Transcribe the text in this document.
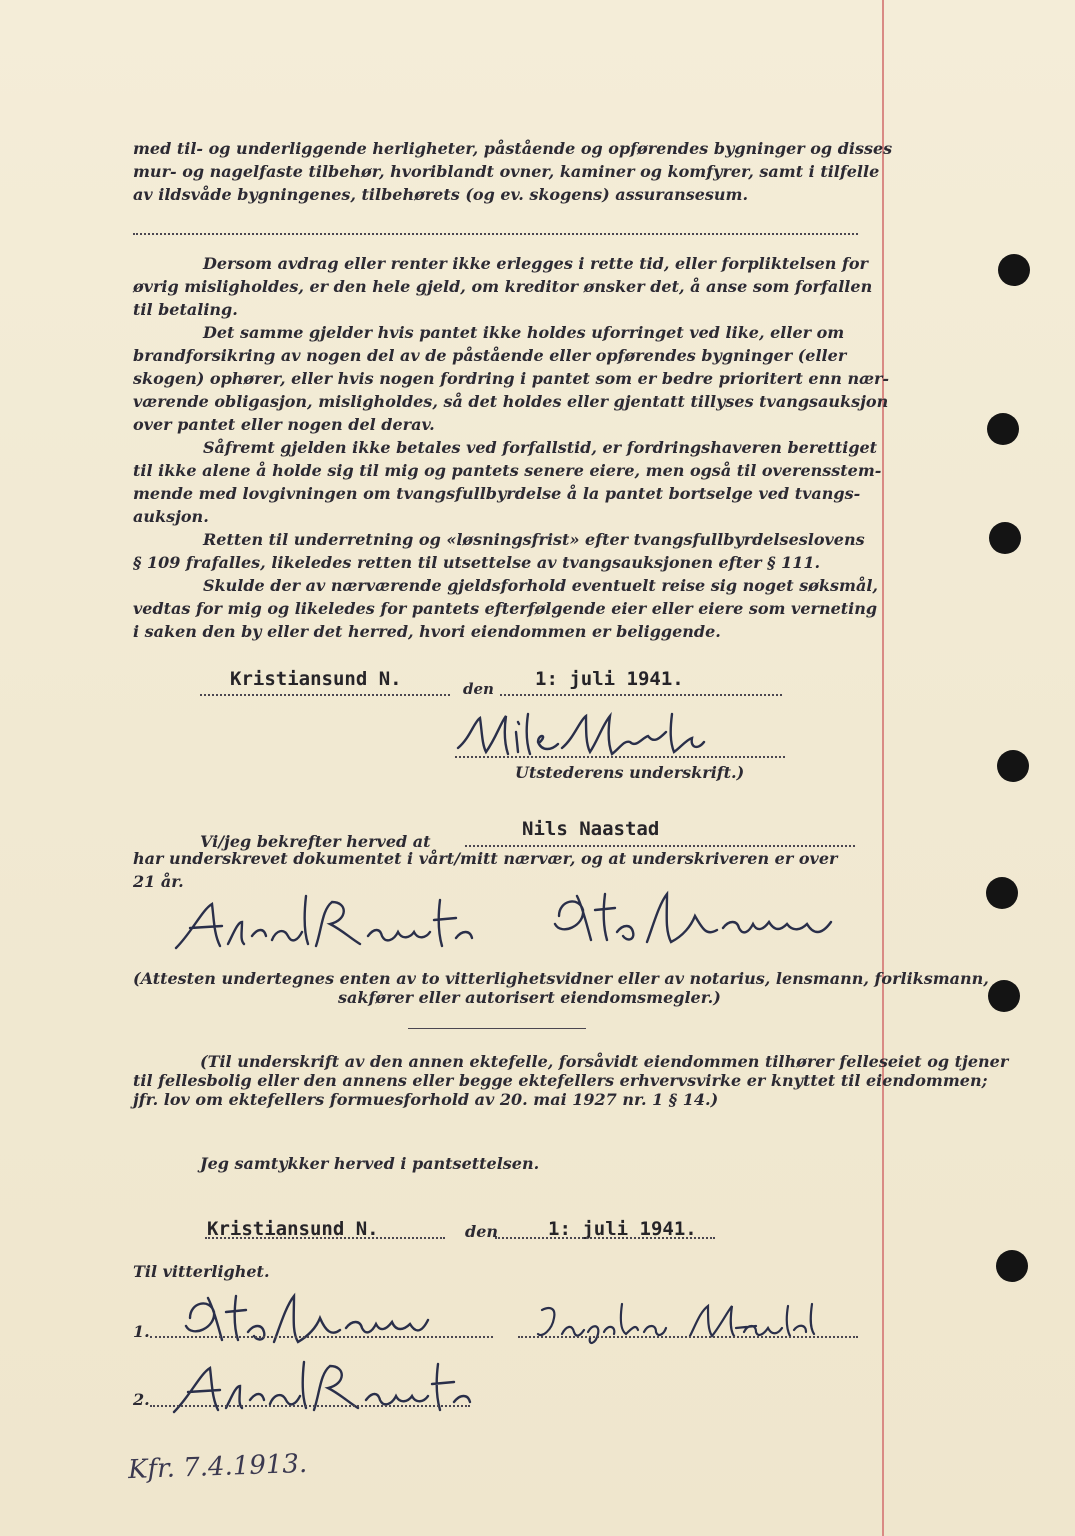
med til- og underliggende herligheter, påstående og opførendes bygninger og disses
mur- og nagelfaste tilbehør, hvoriblandt ovner, kaminer og komfyrer, samt i tilfelle
av ildsvåde bygningenes, tilbehørets (og ev. skogens) assuransesum.
Dersom avdrag eller renter ikke erlegges i rette tid, eller forpliktelsen for
øvrig misligholdes, er den hele gjeld, om kreditor ønsker det, å anse som forfallen
til betaling.
Det samme gjelder hvis pantet ikke holdes uforringet ved like, eller om
brandforsikring av nogen del av de påstående eller opførendes bygninger (eller
skogen) ophører, eller hvis nogen fordring i pantet som er bedre prioritert enn nær-
værende obligasjon, misligholdes, så det holdes eller gjentatt tillyses tvangsauksjon
over pantet eller nogen del derav.
Såfremt gjelden ikke betales ved forfallstid, er fordringshaveren berettiget
til ikke alene å holde sig til mig og pantets senere eiere, men også til overensstem-
mende med lovgivningen om tvangsfullbyrdelse å la pantet bortselge ved tvangs-
auksjon.
Retten til underretning og «løsningsfrist» efter tvangsfullbyrdelseslovens
§ 109 frafalles, likeledes retten til utsettelse av tvangsauksjonen efter § 111.
Skulde der av nærværende gjeldsforhold eventuelt reise sig noget søksmål,
vedtas for mig og likeledes for pantets efterfølgende eier eller eiere som verneting
i saken den by eller det herred, hvori eiendommen er beliggende.
Kristiansund N.	den 1: juli 1941.
Utstederens underskrift.)
Vi/jeg bekrefter herved at
Nils Naastad
har underskrevet dokumentet i vårt/mitt nærvær, og at underskriveren er over
21 år.
(Attesten undertegnes enten av to vitterlighetsvidner eller av notarius, lensmann, forliksmann,
sakfører eller autorisert eiendomsmegler.)
(Til underskrift av den annen ektefelle, forsåvidt eiendommen tilhører felleseiet og tjener
til fellesbolig eller den annens eller begge ektefellers erhvervsvirke er knyttet til eiendommen;
jfr. lov om ektefellers formuesforhold av 20. mai 1927 nr. 1 § 14.)
Jeg samtykker herved i pantsettelsen.
Kristiansund N.	den	1: juli 1941.
Til vitterlighet.
1.
2.
Kfr. 7.4.1913.
